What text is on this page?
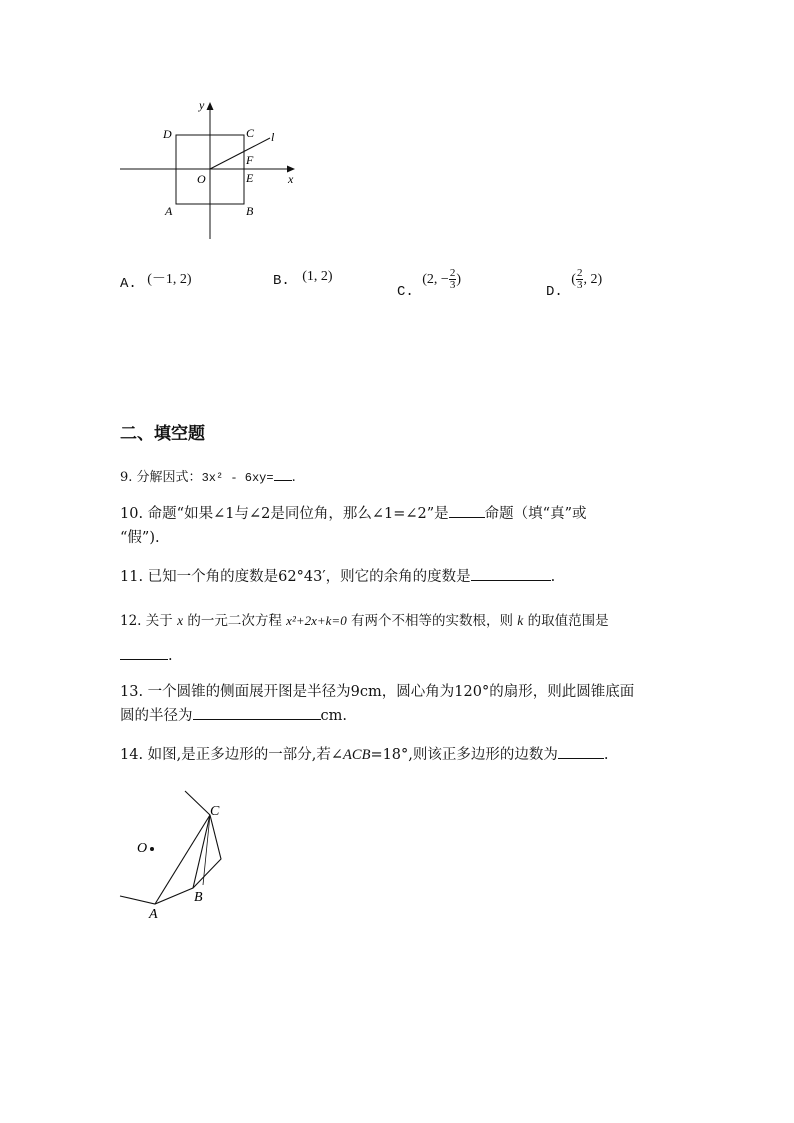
y
x
D	C l
F
O	E
A	B
A. (－1, 2)	B. (1, 2)
C. (2, − $\frac{2}{3}$ )
D. ( $\frac{2}{3}$ , 2)
二、填空题
9. 分解因式：3x² - 6xy= .
10. 命题“如果∠1与∠2是同位角，那么∠1=∠2”是 命题（填“真”或
“假”).
11. 已知一个角的度数是62°43′，则它的余角的度数是	.
12. 关于 x 的一元二次方程 x²+2x+k=0 有两个不相等的实数根，则 k 的取值范围是
.
13. 一个圆锥的侧面展开图是半径为9cm，圆心角为120°的扇形，则此圆锥底面
圆的半径为	cm.
14. 如图,是正多边形的一部分,若∠ACB=18°,则该正多边形的边数为	.
C
O
B
A
